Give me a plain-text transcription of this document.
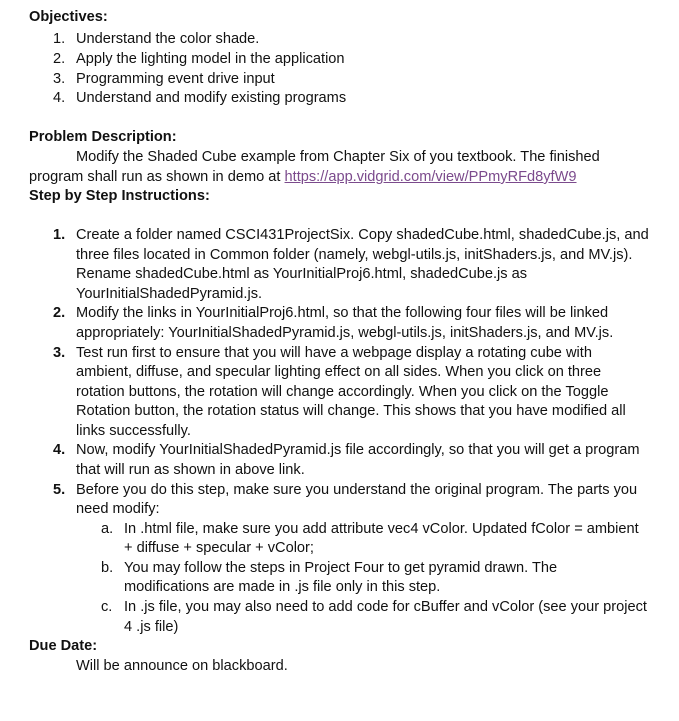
Objectives:
1. Understand the color shade.
2. Apply the lighting model in the application
3. Programming event drive input
4. Understand and modify existing programs
Problem Description:
Modify the Shaded Cube example from Chapter Six of you textbook. The finished
program shall run as shown in demo at https://app.vidgrid.com/view/PPmyRFd8yfW9
Step by Step Instructions:
1. Create a folder named CSCI431ProjectSix. Copy shadedCube.html, shadedCube.js, and
three files located in Common folder (namely, webgl-utils.js, initShaders.js, and MV.js).
Rename shadedCube.html as YourInitialProj6.html, shadedCube.js as
YourInitialShadedPyramid.js.
2. Modify the links in YourInitialProj6.html, so that the following four files will be linked
appropriately: YourInitialShadedPyramid.js, webgl-utils.js, initShaders.js, and MV.js.
3. Test run first to ensure that you will have a webpage display a rotating cube with
ambient, diffuse, and specular lighting effect on all sides. When you click on three
rotation buttons, the rotation will change accordingly. When you click on the Toggle
Rotation button, the rotation status will change. This shows that you have modified all
links successfully.
4. Now, modify YourInitialShadedPyramid.js file accordingly, so that you will get a program
that will run as shown in above link.
5. Before you do this step, make sure you understand the original program. The parts you
need modify:
a. In .html file, make sure you add attribute vec4 vColor. Updated fColor = ambient
+ diffuse + specular + vColor;
b. You may follow the steps in Project Four to get pyramid drawn. The
modifications are made in .js file only in this step.
c. In .js file, you may also need to add code for cBuffer and vColor (see your project
4 .js file)
Due Date:
Will be announce on blackboard.
